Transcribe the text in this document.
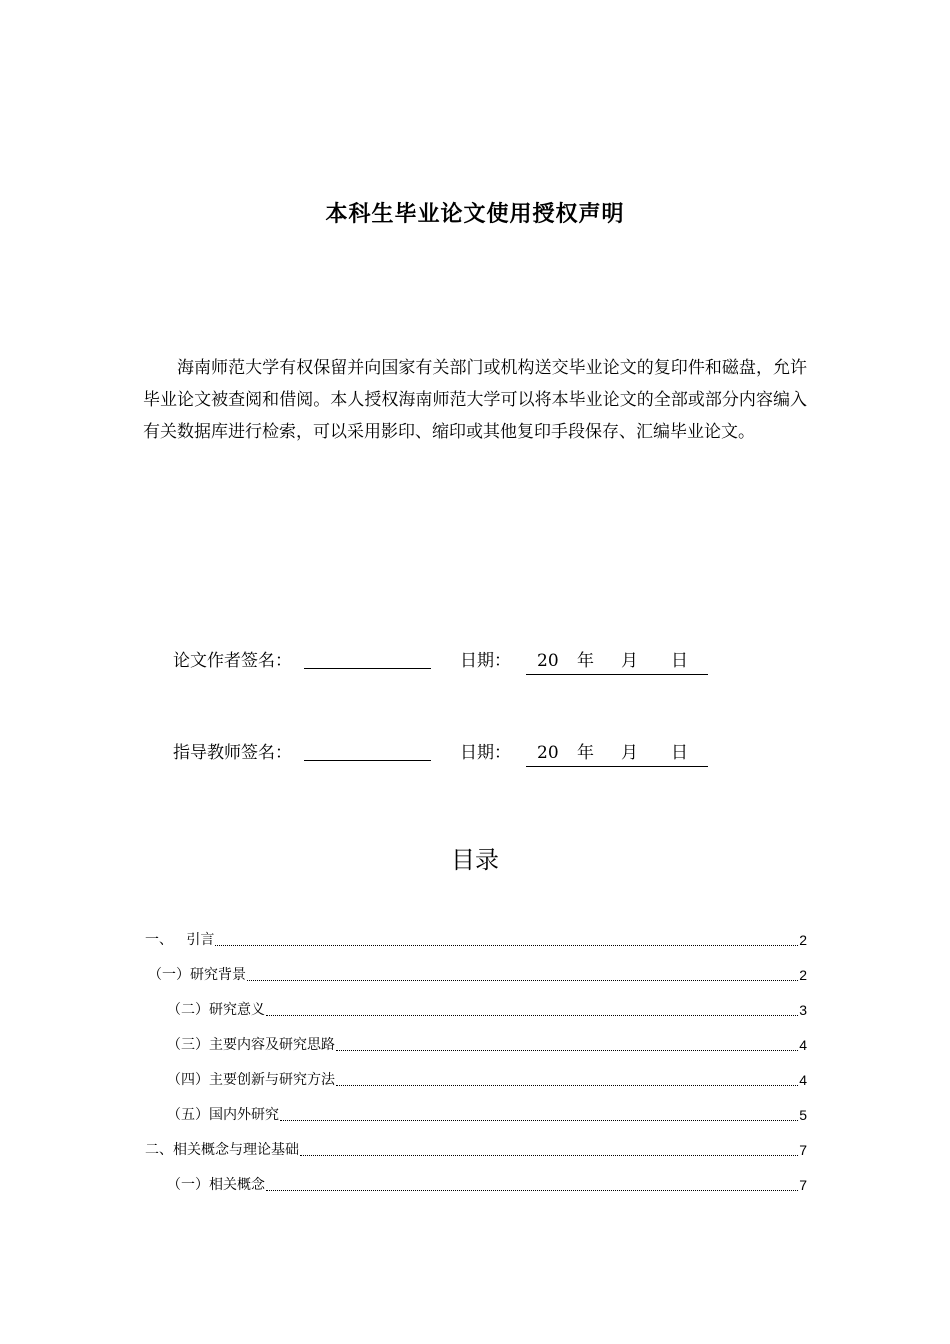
本科生毕业论文使用授权声明

海南师范大学有权保留并向国家有关部门或机构送交毕业论文的复印件和磁盘，允许毕业论文被查阅和借阅。本人授权海南师范大学可以将本毕业论文的全部或部分内容编入有关数据库进行检索，可以采用影印、缩印或其他复印手段保存、汇编毕业论文。

论文作者签名：	日期： 20 年 月 日
指导教师签名：	日期： 20 年 月 日
目录
一、   引言	2
（一）研究背景	2
（二）研究意义	3
（三）主要内容及研究思路	4
（四）主要创新与研究方法	4
（五）国内外研究	5
二、相关概念与理论基础	7
（一）相关概念	7
